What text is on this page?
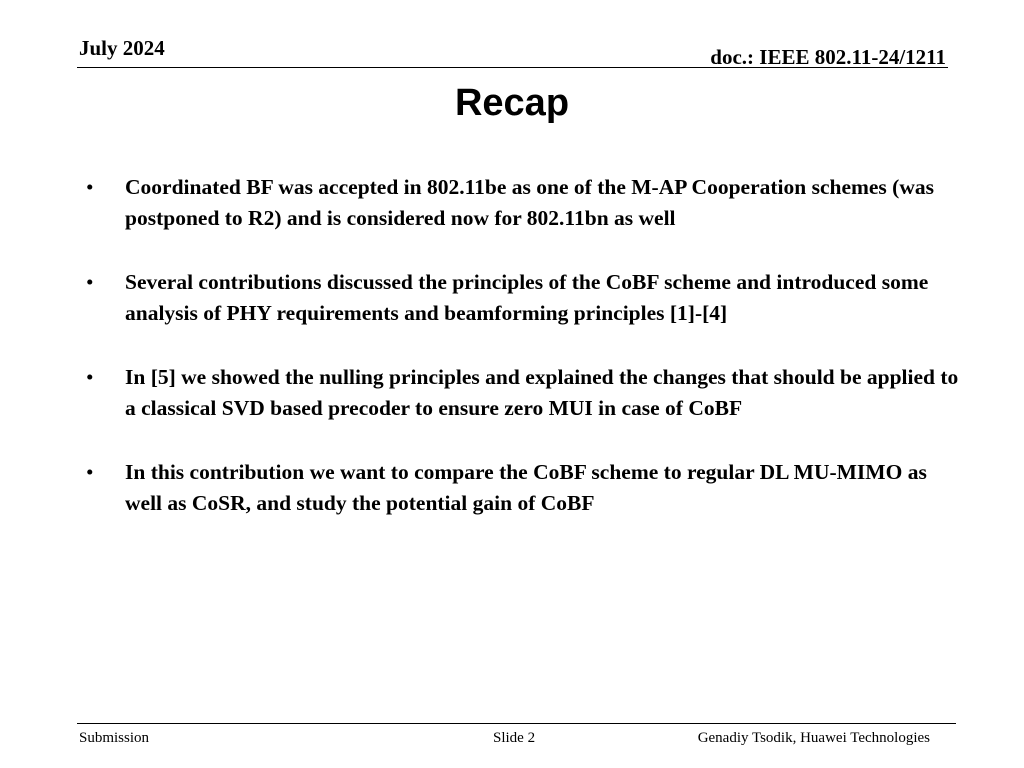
July 2024	doc.: IEEE 802.11-24/1211
Recap
• Coordinated BF was accepted in 802.11be as one of the M-AP Cooperation schemes (was postponed to R2) and is considered now for 802.11bn as well
• Several contributions discussed the principles of the CoBF scheme and introduced some analysis of PHY requirements and beamforming principles [1]-[4]
• In [5] we showed the nulling principles and explained the changes that should be applied to a classical SVD based precoder to ensure zero MUI in case of CoBF
• In this contribution we want to compare the CoBF scheme to regular DL MU-MIMO as well as CoSR, and study the potential gain of CoBF
Submission	Slide 2	Genadiy Tsodik, Huawei Technologies
